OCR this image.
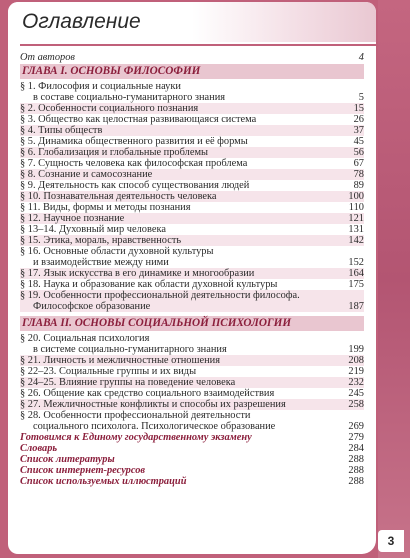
Оглавление
От авторов	4
ГЛАВА I. ОСНОВЫ ФИЛОСОФИИ
§ 1. Философия и социальные науки
в составе социально-гуманитарного знания	5
§ 2. Особенности социального познания	15
§ 3. Общество как целостная развивающаяся система	26
§ 4. Типы обществ	37
§ 5. Динамика общественного развития и её формы	45
§ 6. Глобализация и глобальные проблемы	56
§ 7. Сущность человека как философская проблема	67
§ 8. Сознание и самосознание	78
§ 9. Деятельность как способ существования людей	89
§ 10. Познавательная деятельность человека	100
§ 11. Виды, формы и методы познания	110
§ 12. Научное познание	121
§ 13–14. Духовный мир человека	131
§ 15. Этика, мораль, нравственность	142
§ 16. Основные области духовной культуры
и взаимодействие между ними	152
§ 17. Язык искусства в его динамике и многообразии	164
§ 18. Наука и образование как области духовной культуры	175
§ 19. Особенности профессиональной деятельности философа.
Философское образование	187
ГЛАВА II. ОСНОВЫ СОЦИАЛЬНОЙ ПСИХОЛОГИИ
§ 20. Социальная психология
в системе социально-гуманитарного знания	199
§ 21. Личность и межличностные отношения	208
§ 22–23. Социальные группы и их виды	219
§ 24–25. Влияние группы на поведение человека	232
§ 26. Общение как средство социального взаимодействия	245
§ 27. Межличностные конфликты и способы их разрешения	258
§ 28. Особенности профессиональной деятельности
социального психолога. Психологическое образование	269
Готовимся к Единому государственному экзамену	279
Словарь	284
Список литературы	288
Список интернет-ресурсов	288
Список используемых иллюстраций	288
3
